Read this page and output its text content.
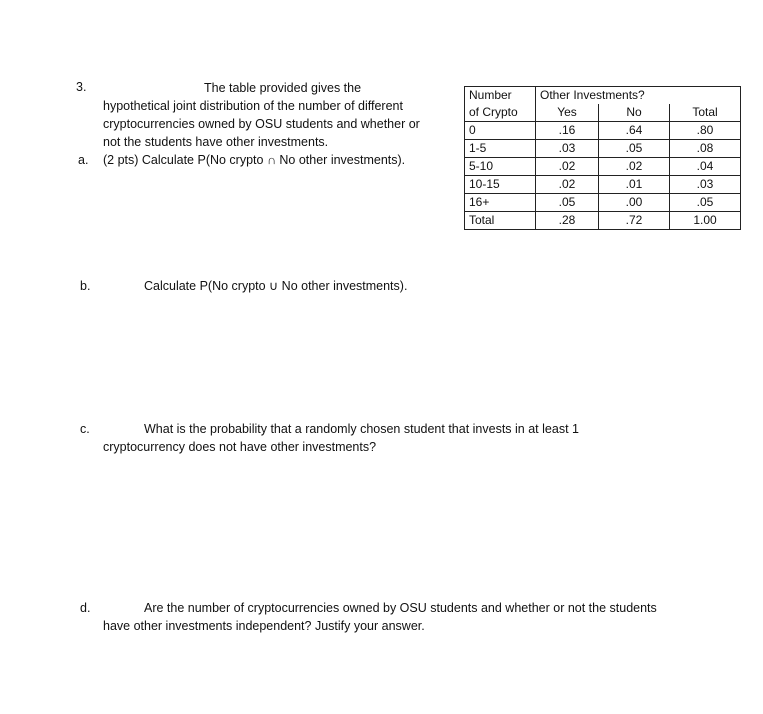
3.	The table provided gives the
hypothetical joint distribution of the number of different
cryptocurrencies owned by OSU students and whether or
not the students have other investments.
a. (2 pts) Calculate P(No crypto ∩ No other investments).
b.	Calculate P(No crypto ∪ No other investments).
c.	What is the probability that a randomly chosen student that invests in at least 1
cryptocurrency does not have other investments?
d.	Are the number of cryptocurrencies owned by OSU students and whether or not the students
have other investments independent? Justify your answer.
Number	Other Investments?		
of Crypto	Yes	No	Total
0	.16	.64	.80
1-5	.03	.05	.08
5-10	.02	.02	.04
10-15	.02	.01	.03
16+	.05	.00	.05
Total	.28	.72	1.00
